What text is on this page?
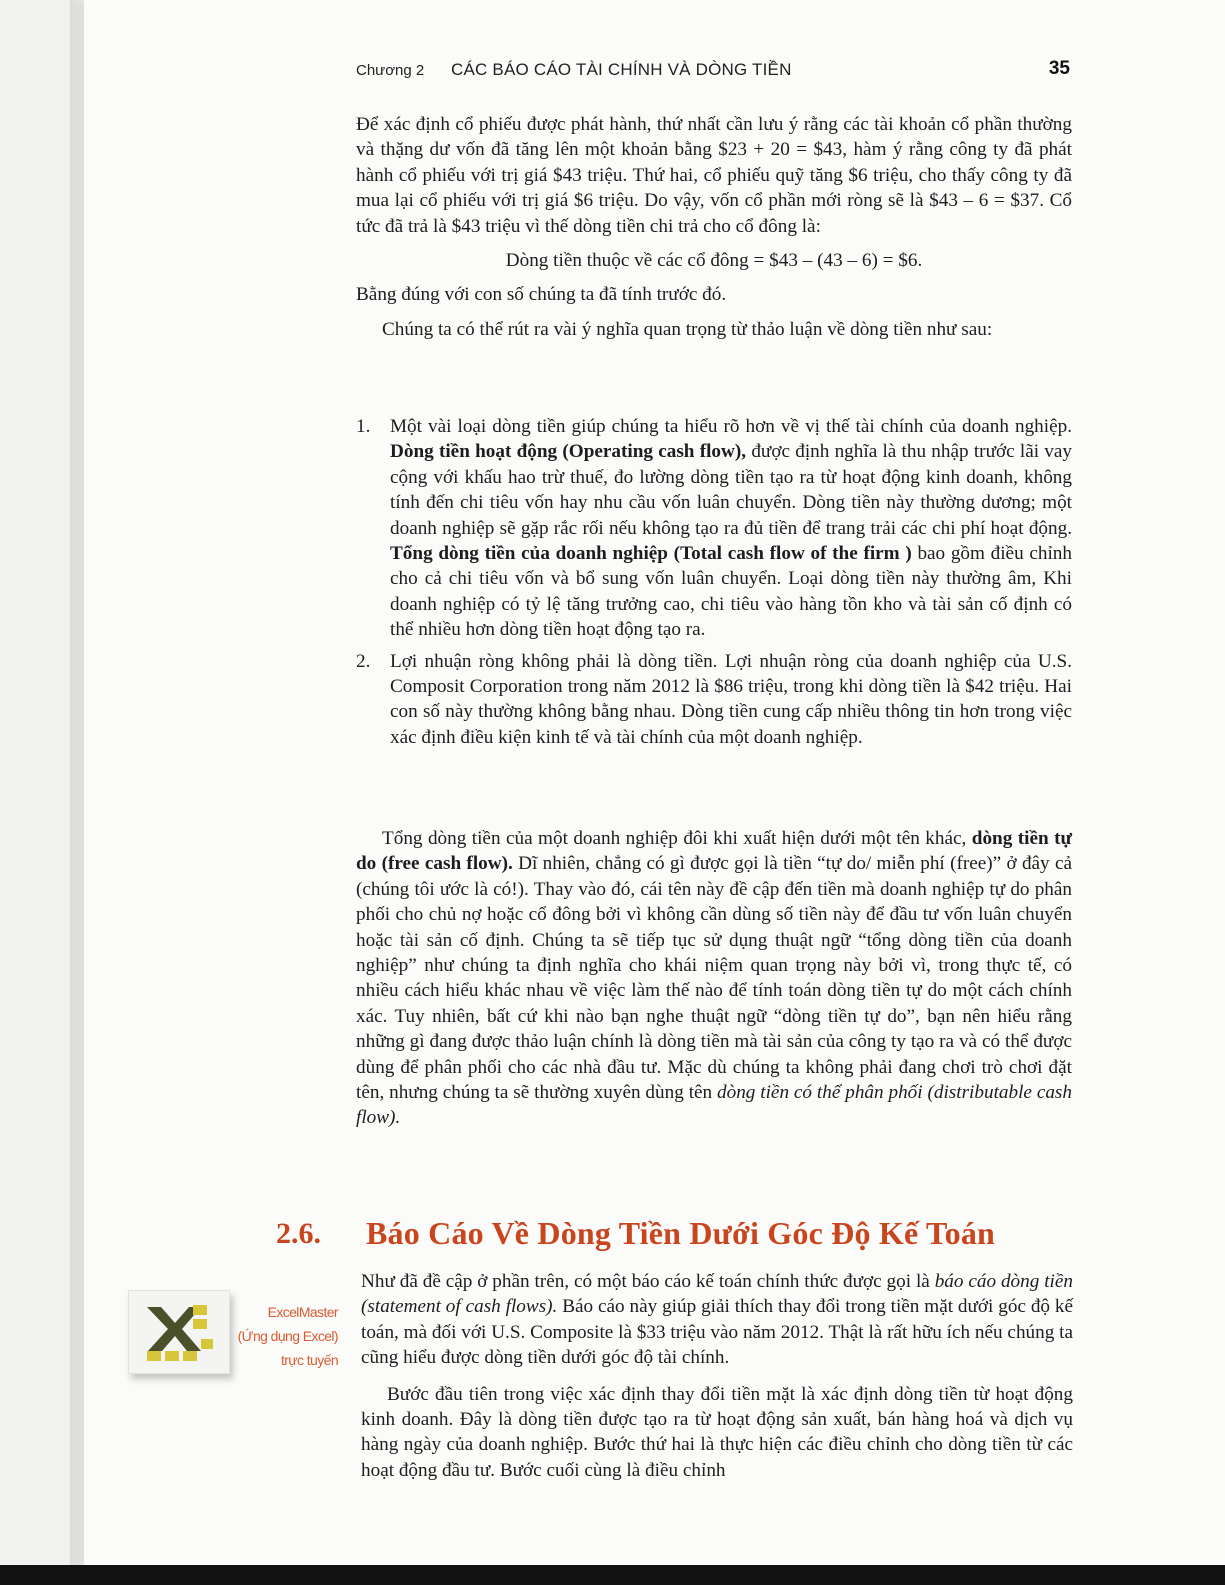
Chương 2 CÁC BÁO CÁO TÀI CHÍNH VÀ DÒNG TIỀN	35

Để xác định cổ phiếu được phát hành, thứ nhất cần lưu ý rằng các tài khoản cổ phần thường và thặng dư vốn đã tăng lên một khoản bằng $23 + 20 = $43, hàm ý rằng công ty đã phát hành cổ phiếu với trị giá $43 triệu. Thứ hai, cổ phiếu quỹ tăng $6 triệu, cho thấy công ty đã mua lại cổ phiếu với trị giá $6 triệu. Do vậy, vốn cổ phần mới ròng sẽ là $43 – 6 = $37. Cổ tức đã trả là $43 triệu vì thế dòng tiền chi trả cho cổ đông là:

Dòng tiền thuộc về các cổ đông = $43 – (43 – 6) = $6.

Bằng đúng với con số chúng ta đã tính trước đó.

Chúng ta có thể rút ra vài ý nghĩa quan trọng từ thảo luận về dòng tiền như sau:

1. Một vài loại dòng tiền giúp chúng ta hiểu rõ hơn về vị thế tài chính của doanh nghiệp. Dòng tiền hoạt động (Operating cash flow), được định nghĩa là thu nhập trước lãi vay cộng với khấu hao trừ thuế, đo lường dòng tiền tạo ra từ hoạt động kinh doanh, không tính đến chi tiêu vốn hay nhu cầu vốn luân chuyển. Dòng tiền này thường dương; một doanh nghiệp sẽ gặp rắc rối nếu không tạo ra đủ tiền để trang trải các chi phí hoạt động. Tổng dòng tiền của doanh nghiệp (Total cash flow of the firm ) bao gồm điều chỉnh cho cả chi tiêu vốn và bổ sung vốn luân chuyển. Loại dòng tiền này thường âm, Khi doanh nghiệp có tỷ lệ tăng trưởng cao, chi tiêu vào hàng tồn kho và tài sản cố định có thể nhiều hơn dòng tiền hoạt động tạo ra.
2. Lợi nhuận ròng không phải là dòng tiền. Lợi nhuận ròng của doanh nghiệp của U.S. Composit Corporation trong năm 2012 là $86 triệu, trong khi dòng tiền là $42 triệu. Hai con số này thường không bằng nhau. Dòng tiền cung cấp nhiều thông tin hơn trong việc xác định điều kiện kinh tế và tài chính của một doanh nghiệp.
Tổng dòng tiền của một doanh nghiệp đôi khi xuất hiện dưới một tên khác, dòng tiền tự do (free cash flow). Dĩ nhiên, chẳng có gì được gọi là tiền “tự do/ miễn phí (free)” ở đây cả (chúng tôi ước là có!). Thay vào đó, cái tên này đề cập đến tiền mà doanh nghiệp tự do phân phối cho chủ nợ hoặc cổ đông bởi vì không cần dùng số tiền này để đầu tư vốn luân chuyển hoặc tài sản cố định. Chúng ta sẽ tiếp tục sử dụng thuật ngữ “tổng dòng tiền của doanh nghiệp” như chúng ta định nghĩa cho khái niệm quan trọng này bởi vì, trong thực tế, có nhiều cách hiểu khác nhau về việc làm thế nào để tính toán dòng tiền tự do một cách chính xác. Tuy nhiên, bất cứ khi nào bạn nghe thuật ngữ “dòng tiền tự do”, bạn nên hiểu rằng những gì đang được thảo luận chính là dòng tiền mà tài sản của công ty tạo ra và có thể được dùng để phân phối cho các nhà đầu tư. Mặc dù chúng ta không phải đang chơi trò chơi đặt tên, nhưng chúng ta sẽ thường xuyên dùng tên dòng tiền có thể phân phối (distributable cash flow).
2.6. Báo Cáo Về Dòng Tiền Dưới Góc Độ Kế Toán
ExcelMaster
(Ứng dụng Excel)
trực tuyến

Như đã đề cập ở phần trên, có một báo cáo kế toán chính thức được gọi là báo cáo dòng tiền (statement of cash flows). Báo cáo này giúp giải thích thay đổi trong tiền mặt dưới góc độ kế toán, mà đối với U.S. Composite là $33 triệu vào năm 2012. Thật là rất hữu ích nếu chúng ta cũng hiểu được dòng tiền dưới góc độ tài chính.

Bước đầu tiên trong việc xác định thay đổi tiền mặt là xác định dòng tiền từ hoạt động kinh doanh. Đây là dòng tiền được tạo ra từ hoạt động sản xuất, bán hàng hoá và dịch vụ hàng ngày của doanh nghiệp. Bước thứ hai là thực hiện các điều chỉnh cho dòng tiền từ các hoạt động đầu tư. Bước cuối cùng là điều chỉnh
